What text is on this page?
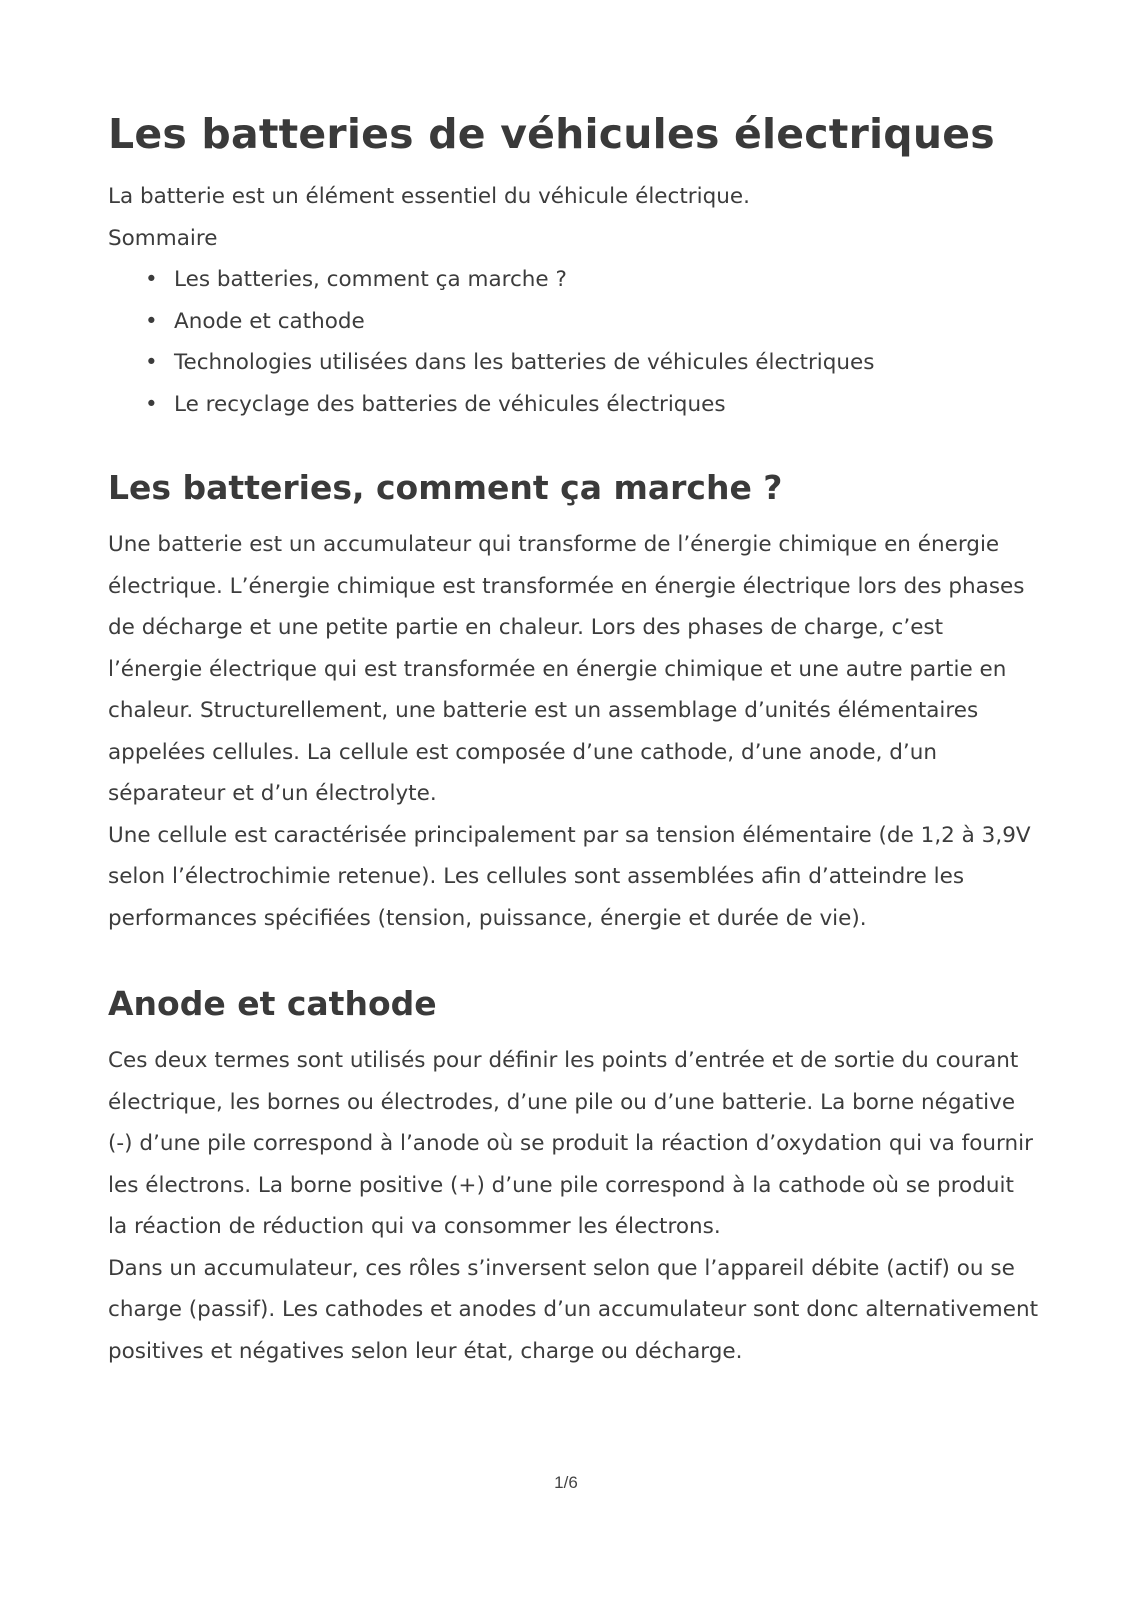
Les batteries de véhicules électriques

La batterie est un élément essentiel du véhicule électrique.

Sommaire

• Les batteries, comment ça marche ?
• Anode et cathode
• Technologies utilisées dans les batteries de véhicules électriques
• Le recyclage des batteries de véhicules électriques
Les batteries, comment ça marche ?

Une batterie est un accumulateur qui transforme de l’énergie chimique en énergie électrique. L’énergie chimique est transformée en énergie électrique lors des phases de décharge et une petite partie en chaleur. Lors des phases de charge, c’est l’énergie électrique qui est transformée en énergie chimique et une autre partie en chaleur. Structurellement, une batterie est un assemblage d’unités élémentaires appelées cellules. La cellule est composée d’une cathode, d’une anode, d’un séparateur et d’un électrolyte.

Une cellule est caractérisée principalement par sa tension élémentaire (de 1,2 à 3,9V selon l’électrochimie retenue). Les cellules sont assemblées afin d’atteindre les performances spécifiées (tension, puissance, énergie et durée de vie).

Anode et cathode

Ces deux termes sont utilisés pour définir les points d’entrée et de sortie du courant électrique, les bornes ou électrodes, d’une pile ou d’une batterie. La borne négative (-) d’une pile correspond à l’anode où se produit la réaction d’oxydation qui va fournir les électrons. La borne positive (+) d’une pile correspond à la cathode où se produit la réaction de réduction qui va consommer les électrons.

Dans un accumulateur, ces rôles s’inversent selon que l’appareil débite (actif) ou se charge (passif). Les cathodes et anodes d’un accumulateur sont donc alternativement positives et négatives selon leur état, charge ou décharge.

1/6
